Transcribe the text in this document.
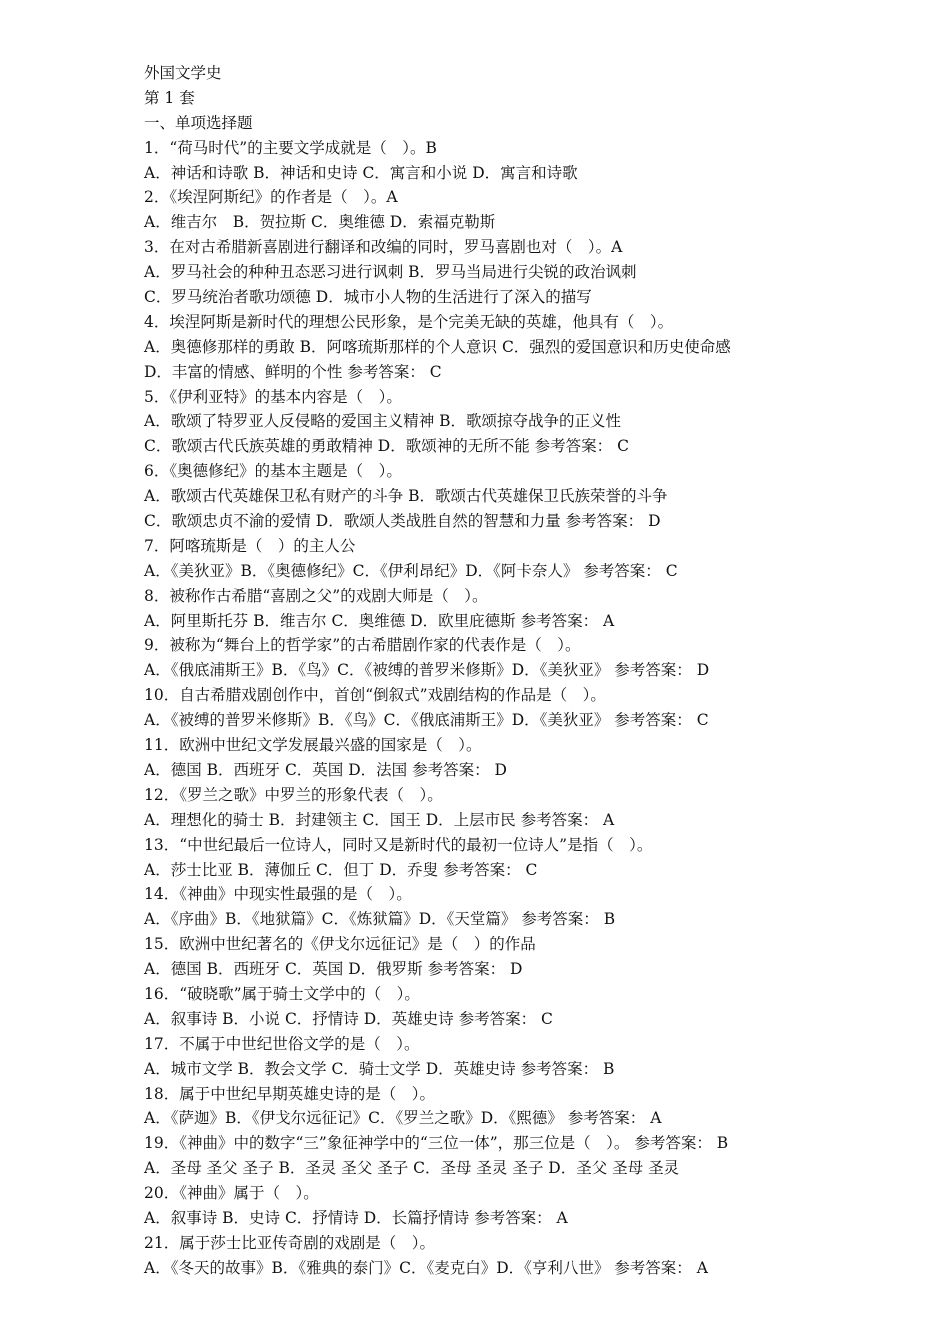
外国文学史
第 1 套
一、单项选择题
1．“荷马时代”的主要文学成就是（　）。B
A．神话和诗歌 B．神话和史诗 C．寓言和小说 D．寓言和诗歌
2．《埃涅阿斯纪》的作者是（　）。A
A．维吉尔　B．贺拉斯 C．奥维德 D．索福克勒斯
3．在对古希腊新喜剧进行翻译和改编的同时，罗马喜剧也对（　）。A
A．罗马社会的种种丑态恶习进行讽刺 B．罗马当局进行尖锐的政治讽刺
C．罗马统治者歌功颂德 D．城市小人物的生活进行了深入的描写
4．埃涅阿斯是新时代的理想公民形象，是个完美无缺的英雄，他具有（　）。
A．奥德修那样的勇敢 B．阿喀琉斯那样的个人意识 C．强烈的爱国意识和历史使命感
D．丰富的情感、鲜明的个性 参考答案： C
5．《伊利亚特》的基本内容是（　）。
A．歌颂了特罗亚人反侵略的爱国主义精神 B．歌颂掠夺战争的正义性
C．歌颂古代氏族英雄的勇敢精神 D．歌颂神的无所不能 参考答案： C
6．《奥德修纪》的基本主题是（　）。
A．歌颂古代英雄保卫私有财产的斗争 B．歌颂古代英雄保卫氏族荣誉的斗争
C．歌颂忠贞不渝的爱情 D．歌颂人类战胜自然的智慧和力量 参考答案： D
7．阿喀琉斯是（　）的主人公
A．《美狄亚》B．《奥德修纪》C．《伊利昂纪》D．《阿卡奈人》 参考答案： C
8．被称作古希腊“喜剧之父”的戏剧大师是（　）。
A．阿里斯托芬 B．维吉尔 C．奥维德 D．欧里庇德斯 参考答案： A
9．被称为“舞台上的哲学家”的古希腊剧作家的代表作是（　）。
A．《俄底浦斯王》B．《鸟》C．《被缚的普罗米修斯》D．《美狄亚》 参考答案： D
10．自古希腊戏剧创作中，首创“倒叙式”戏剧结构的作品是（　）。
A．《被缚的普罗米修斯》B．《鸟》C．《俄底浦斯王》D．《美狄亚》 参考答案： C
11．欧洲中世纪文学发展最兴盛的国家是（　）。
A．德国 B．西班牙 C．英国 D．法国 参考答案： D
12．《罗兰之歌》中罗兰的形象代表（　）。
A．理想化的骑士 B．封建领主 C．国王 D．上层市民 参考答案： A
13．“中世纪最后一位诗人，同时又是新时代的最初一位诗人”是指（　）。
A．莎士比亚 B．薄伽丘 C．但丁 D．乔叟 参考答案： C
14．《神曲》中现实性最强的是（　）。
A．《序曲》B．《地狱篇》C．《炼狱篇》D．《天堂篇》 参考答案： B
15．欧洲中世纪著名的《伊戈尔远征记》是（　）的作品
A．德国 B．西班牙 C．英国 D．俄罗斯 参考答案： D
16．“破晓歌”属于骑士文学中的（　）。
A．叙事诗 B．小说 C．抒情诗 D．英雄史诗 参考答案： C
17．不属于中世纪世俗文学的是（　）。
A．城市文学 B．教会文学 C．骑士文学 D．英雄史诗 参考答案： B
18．属于中世纪早期英雄史诗的是（　）。
A．《萨迦》B．《伊戈尔远征记》C．《罗兰之歌》D．《熙德》 参考答案： A
19．《神曲》中的数字“三”象征神学中的“三位一体”，那三位是（　）。 参考答案： B
A．圣母 圣父 圣子 B．圣灵 圣父 圣子 C．圣母 圣灵 圣子 D．圣父 圣母 圣灵
20．《神曲》属于（　）。
A．叙事诗 B．史诗 C．抒情诗 D．长篇抒情诗 参考答案： A
21．属于莎士比亚传奇剧的戏剧是（　）。
A．《冬天的故事》B．《雅典的泰门》C．《麦克白》D．《亨利八世》 参考答案： A
